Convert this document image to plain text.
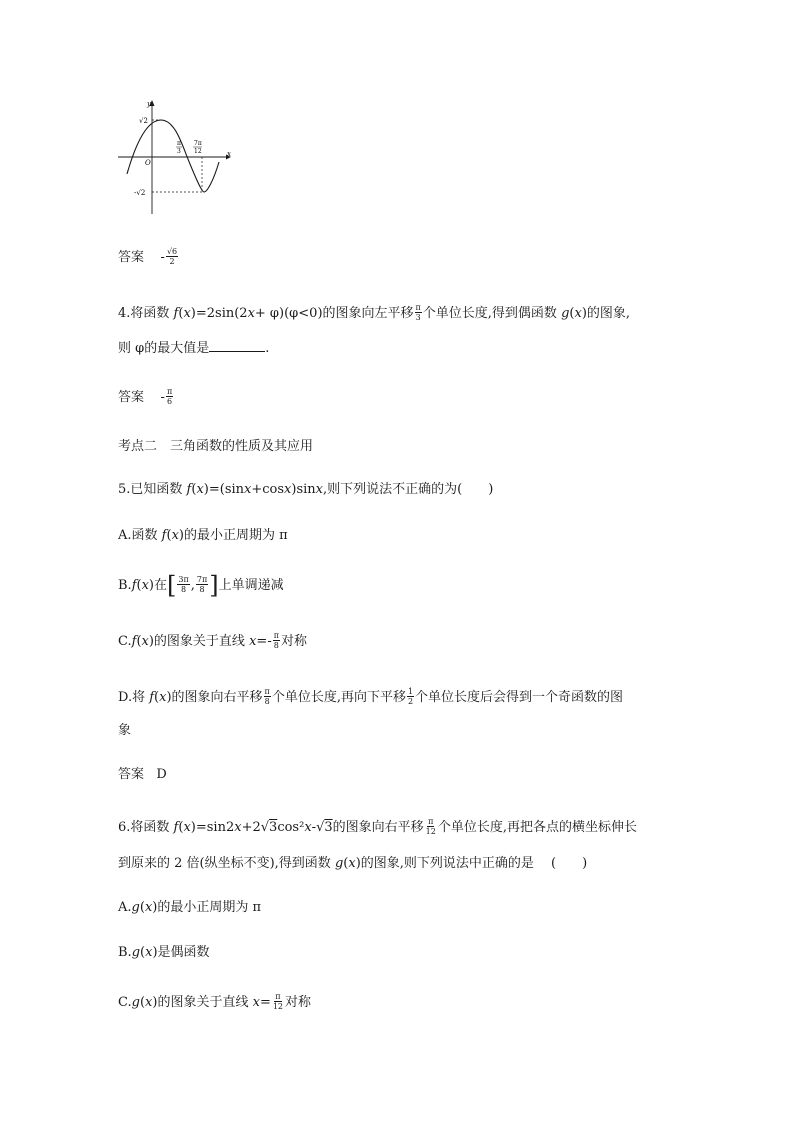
y
x
O
√2
-√2
π
3
7π
12
答案 - $\frac{√6}{2}$
4.将函数 f(x)=2sin(2x+ φ)(φ<0)的图象向左平移 $\frac{\pi}{3}$ 个单位长度,得到偶函数 g(x)的图象,
则 φ的最大值是	.
答案 - $\frac{\pi}{6}$
考点二　三角函数的性质及其应用
5.已知函数 f(x)=(sinx+cosx)sinx,则下列说法不正确的为(　　)
A.函数 f(x)的最小正周期为 π
B.f(x)在[ $\frac{3\pi}{8}$ , $\frac{7\pi}{8}$ ]上单调递减
C.f(x)的图象关于直线 $x=- \frac{\pi}{8}$ 对称
D.将 f(x)的图象向右平移 $\frac{\pi}{8}$ 个单位长度,再向下平移 $\frac{1}{2}$ 个单位长度后会得到一个奇函数的图
象
答案 D
6.将函数 f(x)=sin2x+2√3cos²x-√3的图象向右平移 $\frac{\pi}{12}$ 个单位长度,再把各点的横坐标伸长
到原来的 2 倍(纵坐标不变),得到函数 g(x)的图象,则下列说法中正确的是　 (　　)
A.g(x)的最小正周期为 π
B.g(x)是偶函数
C.g(x)的图象关于直线 $x= \frac{\pi}{12}$ 对称
